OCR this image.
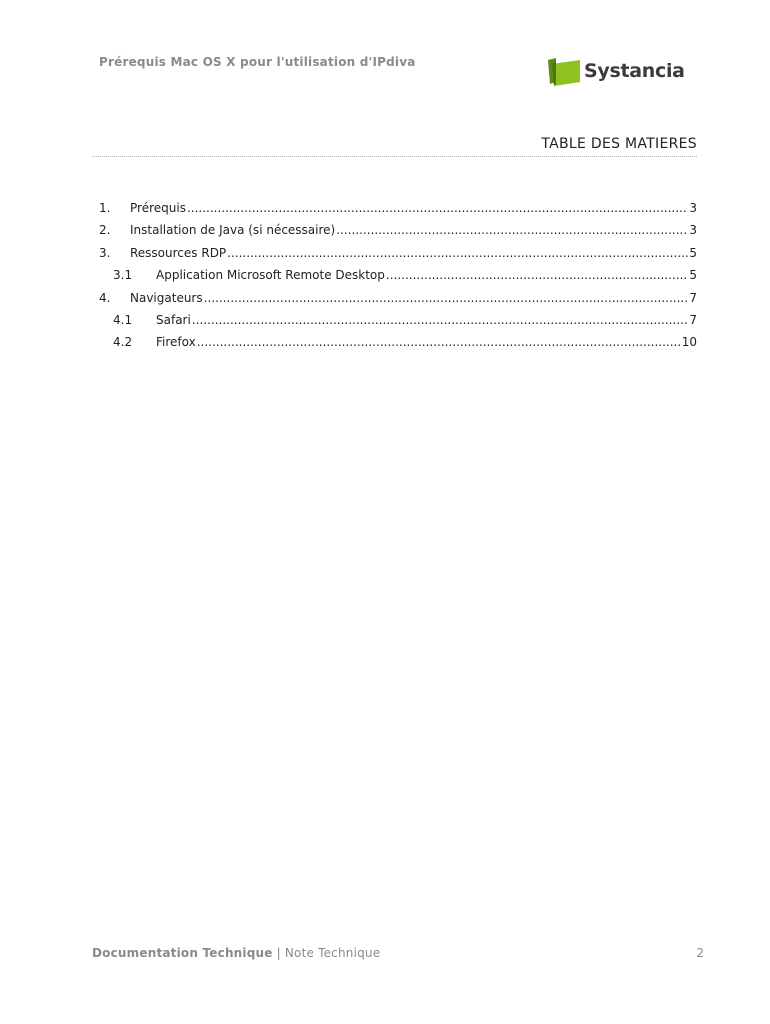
Prérequis Mac OS X pour l'utilisation d'IPdiva	Systancia
TABLE DES MATIERES
1.	Prérequis .....	3
2.	Installation de Java (si nécessaire) .....	3
3.	Ressources RDP .....	5
3.1	Application Microsoft Remote Desktop .....	5
4.	Navigateurs .....	7
4.1	Safari .....	7
4.2	Firefox .....	10
Documentation Technique | Note Technique	2
